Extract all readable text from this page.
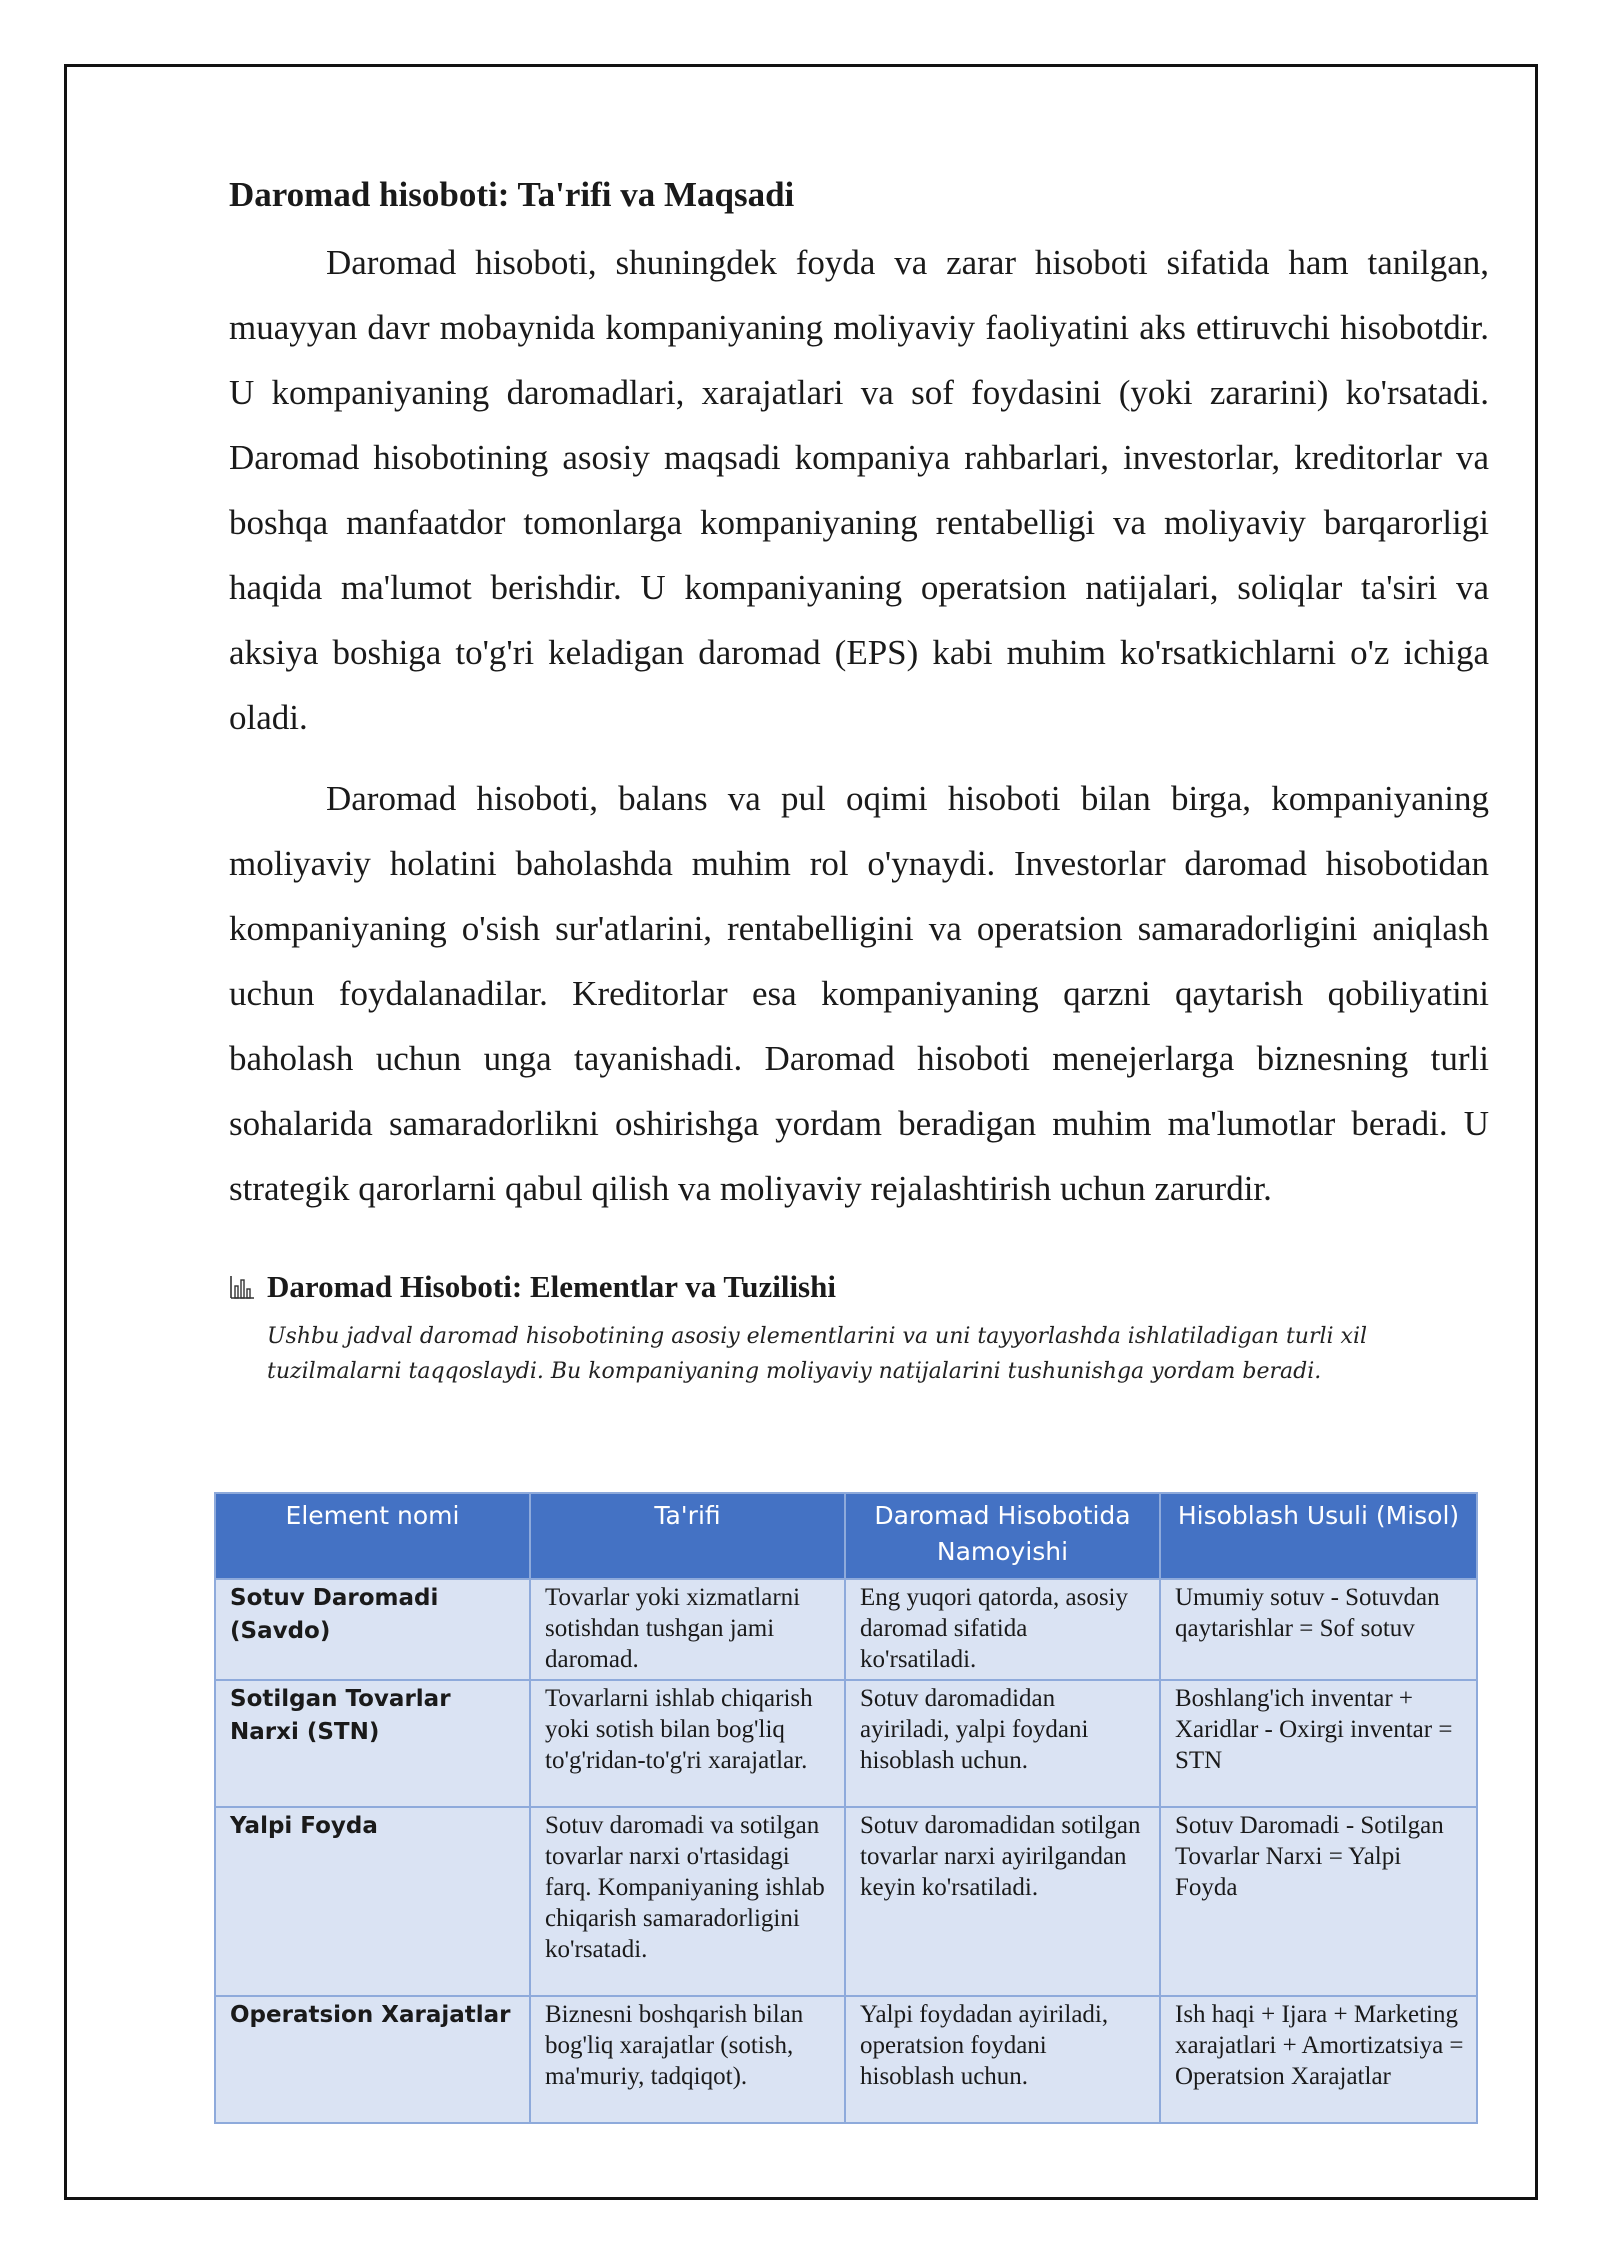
Daromad hisoboti: Ta'rifi va Maqsadi

Daromad hisoboti, shuningdek foyda va zarar hisoboti sifatida ham tanilgan, muayyan davr mobaynida kompaniyaning moliyaviy faoliyatini aks ettiruvchi hisobotdir. U kompaniyaning daromadlari, xarajatlari va sof foydasini (yoki zararini) ko'rsatadi. Daromad hisobotining asosiy maqsadi kompaniya rahbarlari, investorlar, kreditorlar va boshqa manfaatdor tomonlarga kompaniyaning rentabelligi va moliyaviy barqarorligi haqida ma'lumot berishdir. U kompaniyaning operatsion natijalari, soliqlar ta'siri va aksiya boshiga to'g'ri keladigan daromad (EPS) kabi muhim ko'rsatkichlarni o'z ichiga oladi.

Daromad hisoboti, balans va pul oqimi hisoboti bilan birga, kompaniyaning moliyaviy holatini baholashda muhim rol o'ynaydi. Investorlar daromad hisobotidan kompaniyaning o'sish sur'atlarini, rentabelligini va operatsion samaradorligini aniqlash uchun foydalanadilar. Kreditorlar esa kompaniyaning qarzni qaytarish qobiliyatini baholash uchun unga tayanishadi. Daromad hisoboti menejerlarga biznesning turli sohalarida samaradorlikni oshirishga yordam beradigan muhim ma'lumotlar beradi. U strategik qarorlarni qabul qilish va moliyaviy rejalashtirish uchun zarurdir.

Daromad Hisoboti: Elementlar va Tuzilishi
Ushbu jadval daromad hisobotining asosiy elementlarini va uni tayyorlashda ishlatiladigan turli xil tuzilmalarni taqqoslaydi. Bu kompaniyaning moliyaviy natijalarini tushunishga yordam beradi.
Element nomi	Ta'rifi	Daromad Hisobotida Namoyishi	Hisoblash Usuli (Misol)
Sotuv Daromadi (Savdo)	Tovarlar yoki xizmatlarni sotishdan tushgan jami daromad.	Eng yuqori qatorda, asosiy daromad sifatida ko'rsatiladi.	Umumiy sotuv - Sotuvdan qaytarishlar = Sof sotuv
Sotilgan Tovarlar Narxi (STN)	Tovarlarni ishlab chiqarish yoki sotish bilan bog'liq to'g'ridan-to'g'ri xarajatlar.	Sotuv daromadidan ayiriladi, yalpi foydani hisoblash uchun.	Boshlang'ich inventar + Xaridlar - Oxirgi inventar = STN
Yalpi Foyda	Sotuv daromadi va sotilgan tovarlar narxi o'rtasidagi farq. Kompaniyaning ishlab chiqarish samaradorligini ko'rsatadi.	Sotuv daromadidan sotilgan tovarlar narxi ayirilgandan keyin ko'rsatiladi.	Sotuv Daromadi - Sotilgan Tovarlar Narxi = Yalpi Foyda
Operatsion Xarajatlar	Biznesni boshqarish bilan bog'liq xarajatlar (sotish, ma'muriy, tadqiqot).	Yalpi foydadan ayiriladi, operatsion foydani hisoblash uchun.	Ish haqi + Ijara + Marketing xarajatlari + Amortizatsiya = Operatsion Xarajatlar
